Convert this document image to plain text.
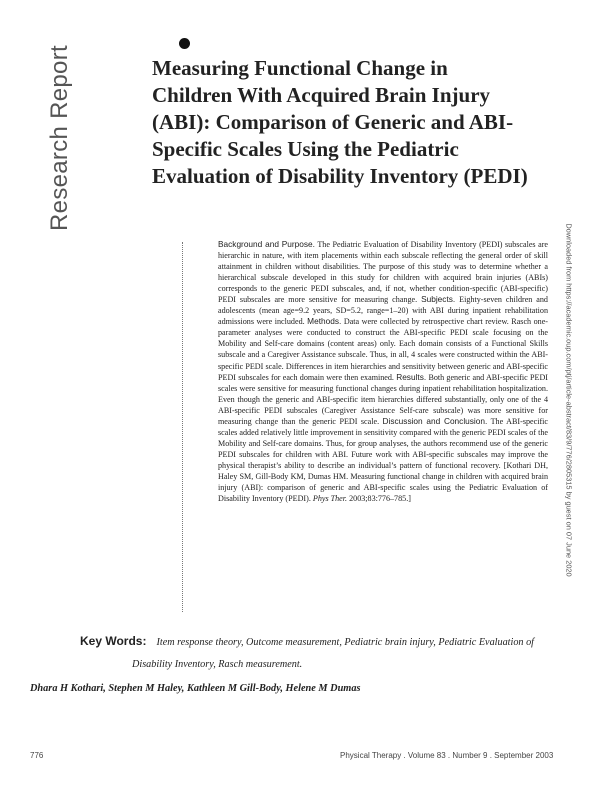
Research Report	Measuring Functional Change in Children With Acquired Brain Injury (ABI): Comparison of Generic and ABI-Specific Scales Using the Pediatric Evaluation of Disability Inventory (PEDI)
Downloaded from https://academic.oup.com/ptj/article-abstract/83/9/776/2805315 by guest on 07 June 2020

Background and Purpose. The Pediatric Evaluation of Disability Inventory (PEDI) subscales are hierarchic in nature, with item placements within each subscale reflecting the general order of skill attainment in children without disabilities. The purpose of this study was to determine whether a hierarchical subscale developed in this study for children with acquired brain injuries (ABIs) corresponds to the generic PEDI subscales, and, if not, whether condition-specific (ABI-specific) PEDI subscales are more sensitive for measuring change. Subjects. Eighty-seven children and adolescents (mean age=9.2 years, SD=5.2, range=1–20) with ABI during inpatient rehabilitation admissions were included. Methods. Data were collected by retrospective chart review. Rasch one-parameter analyses were conducted to construct the ABI-specific PEDI scale focusing on the Mobility and Self-care domains (content areas) only. Each domain consists of a Functional Skills subscale and a Caregiver Assistance subscale. Thus, in all, 4 scales were constructed within the ABI-specific PEDI scale. Differences in item hierarchies and sensitivity between generic and ABI-specific PEDI subscales for each domain were then examined. Results. Both generic and ABI-specific PEDI scales were sensitive for measuring functional changes during inpatient rehabilitation hospitalization. Even though the generic and ABI-specific item hierarchies differed substantially, only one of the 4 ABI-specific PEDI subscales (Caregiver Assistance Self-care subscale) was more sensitive for measuring change than the generic PEDI scale. Discussion and Conclusion. The ABI-specific scales added relatively little improvement in sensitivity compared with the generic PEDI scales of the Mobility and Self-care domains. Thus, for group analyses, the authors recommend use of the generic PEDI subscales for children with ABI. Future work with ABI-specific subscales may improve the physical therapist’s ability to describe an individual’s pattern of functional recovery. [Kothari DH, Haley SM, Gill-Body KM, Dumas HM. Measuring functional change in children with acquired brain injury (ABI): comparison of generic and ABI-specific scales using the Pediatric Evaluation of Disability Inventory (PEDI). Phys Ther. 2003;83:776–785.]

Key Words: Item response theory, Outcome measurement, Pediatric brain injury, Pediatric Evaluation of
Disability Inventory, Rasch measurement.
Dhara H Kothari, Stephen M Haley, Kathleen M Gill-Body, Helene M Dumas
776	Physical Therapy . Volume 83 . Number 9 . September 2003
